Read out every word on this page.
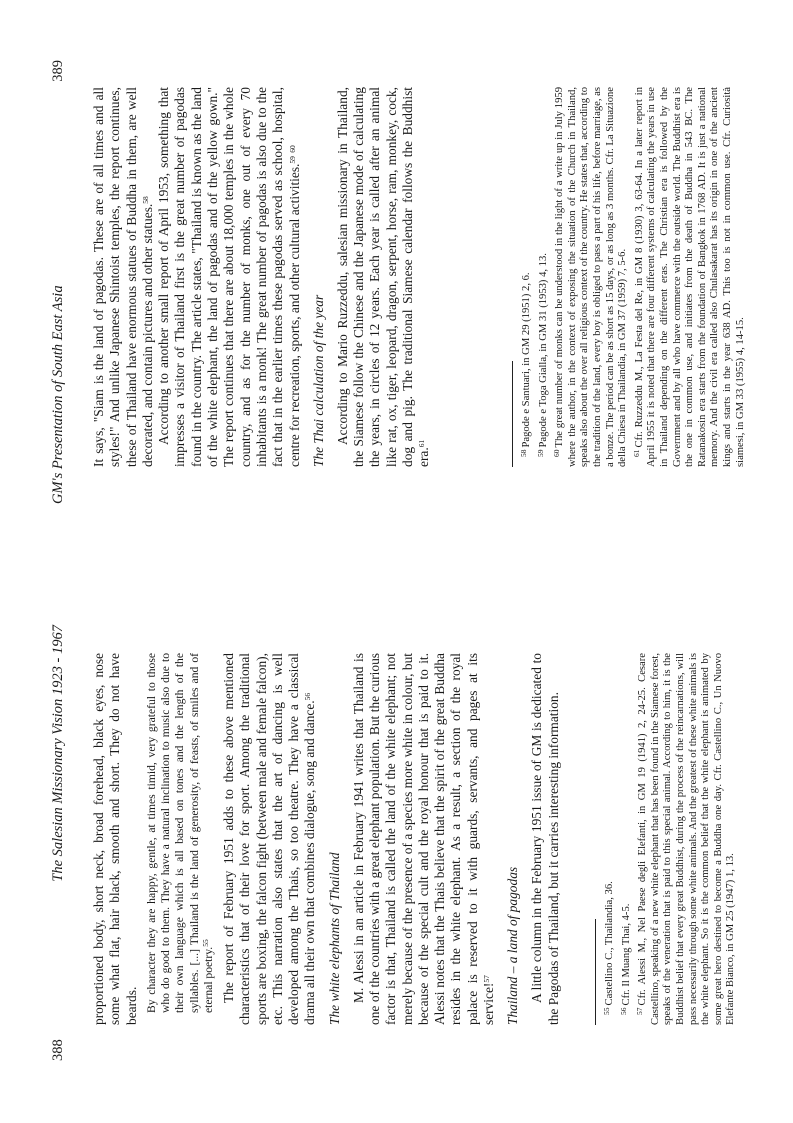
388
The Salesian Missionary Vision 1923 - 1967 proportioned body, short neck, broad forehead, black eyes, nose some what flat, hair black, smooth and short. They do not have beards. By character they are happy, gentle, at times timid, very grateful to those who do good to them. They have a natural inclination to music also due to their own language which is all based on tones and the length of the syllables. [...] Thailand is the land of generosity, of feasts, of smiles and of eternal poetry.$^{55}$ The report of February 1951 adds to these above mentioned characteristics that of their love for sport. Among the traditional sports are boxing, the falcon fight (between male and female falcon), etc. This narration also states that the art of dancing is well developed among the Thais, so too theatre. They have a classical drama all their own that combines dialogue, song and dance.$^{56}$

The white elephants of Thailand M. Alessi in an article in February 1941 writes that Thailand is one of the countries with a great elephant population. But the curious factor is that, Thailand is called the land of the white elephant; not merely because of the presence of a species more white in colour, but because of the special cult and the royal honour that is paid to it. Alessi notes that the Thais believe that the spirit of the great Buddha resides in the white elephant. As a result, a section of the royal palace is reserved to it with guards, servants, and pages at its service!$^{57}$	Thailand – a land of pagodas A little column in the February 1951 issue of GM is dedicated to the Pagodas of Thailand, but it carries interesting information.	$^{55}$Castellino C., Thailandia, 36.

$^{56}$Cfr. Il Muang Thai, 4-5.

$^{57}$Cfr. Alessi M., Nel Paese degli Elefanti, in GM 19 (1941) 2, 24-25. Cesare Castellino, speaking of a new white elephant that has been found in the Siamese forest, speaks of the veneration that is paid to this special animal. According to him, it is the Buddhist belief that every great Buddhist, during the process of the reincarnations, will pass necessarily through some white animals. And the greatest of these white animals is the white elephant. So it is the common belief that the white elephant is animated by some great hero destined to become a Buddha one day. Cfr. Castellino C., Un Nuovo Elefante Bianco, in GM 25 (1947) 1, 13.

GM's Presentation of South East Asia
389

It says, "Siam is the land of pagodas. These are of all times and all styles!" And unlike Japanese Shintoist temples, the report continues, these of Thailand have enormous statues of Buddha in them, are well decorated, and contain pictures and other statues.$^{58}$ According to another small report of April 1953, something that impresses a visitor of Thailand first is the great number of pagodas found in the country. The article states, "Thailand is known as the land of the white elephant, the land of pagodas and of the yellow gown." The report continues that there are about 18,000 temples in the whole country, and as for the number of monks, one out of every 70 inhabitants is a monk! The great number of pagodas is also due to the fact that in the earlier times these pagodas served as school, hospital, centre for recreation, sports, and other cultural activities.$^{59}$ $^{60}$

The Thai calculation of the year According to Mario Ruzzeddu, salesian missionary in Thailand, the Siamese follow the Chinese and the Japanese mode of calculating the years, in circles of 12 years. Each year is called after an animal like rat, ox, tiger, leopard, dragon, serpent, horse, ram, monkey, cock, dog and pig. The traditional Siamese calendar follows the Buddhist era.$^{61}$

$^{58}$Pagode e Santuari, in GM 29 (1951) 2, 6.

$^{59}$Pagode e Toga Gialla, in GM 31 (1953) 4, 13.

$^{60}$The great number of monks can be understood in the light of a write up in July 1959 where the author, in the context of exposing the situation of the Church in Thailand, speaks also about the over all religious context of the country. He states that, according to the tradition of the land, every boy is obliged to pass a part of his life, before marriage, as a bonze. The period can be as short as 15 days, or as long as 3 months. Cfr. La Situazione della Chiesa in Thailandia, in GM 37 (1959) 7, 5-6. $^{61}$Cfr. Ruzzeddu M., La Festa del Re, in GM 8 (1930) 3, 63-64. In a later report in April 1955 it is noted that there are four different systems of calculating the years in use in Thailand depending on the different eras. The Christian era is followed by the Government and by all who have commerce with the outside world. The Buddhist era is the one in common use, and initiates from the death of Buddha in 543 BC. The Ratanakosin era starts from the foundation of Bangkok in 1768 AD. It is just a national memory. And the civil era called also Chulasakarat has its origin in one of the ancient kings and starts in the year 638 AD. This too is not in common use. Cfr. Curiosità siamesi, in GM 33 (1955) 4, 14-15.
